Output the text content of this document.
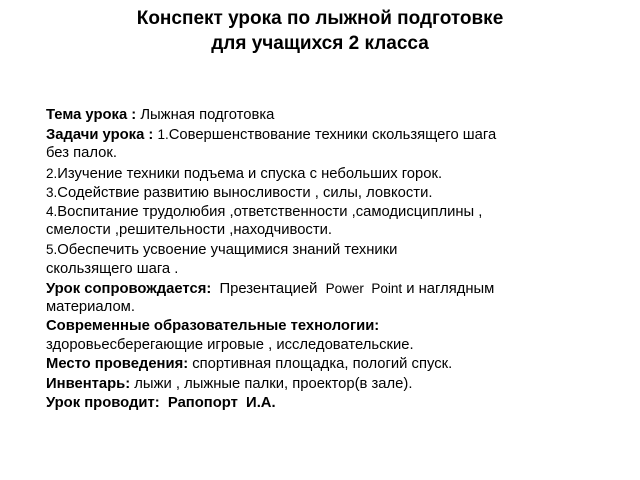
Конспект урока по лыжной подготовке
для учащихся 2 класса
Тема урока : Лыжная подготовка
Задачи урока : 1.Совершенствование техники скользящего шага
без палок.
2.Изучение техники подъема и спуска с небольших горок.
3.Содействие развитию выносливости , силы, ловкости.
4.Воспитание трудолюбия ,ответственности ,самодисциплины ,
смелости ,решительности ,находчивости.
5.Обеспечить усвоение учащимися знаний техники
скользящего шага .
Урок сопровождается:  Презентацией  Power  Point и наглядным
материалом.
Современные образовательные технологии:
здоровьесберегающие игровые , исследовательские.
Место проведения: спортивная площадка, пологий спуск.
Инвентарь: лыжи , лыжные палки, проектор(в зале).
Урок проводит:  Рапопорт  И.А.
